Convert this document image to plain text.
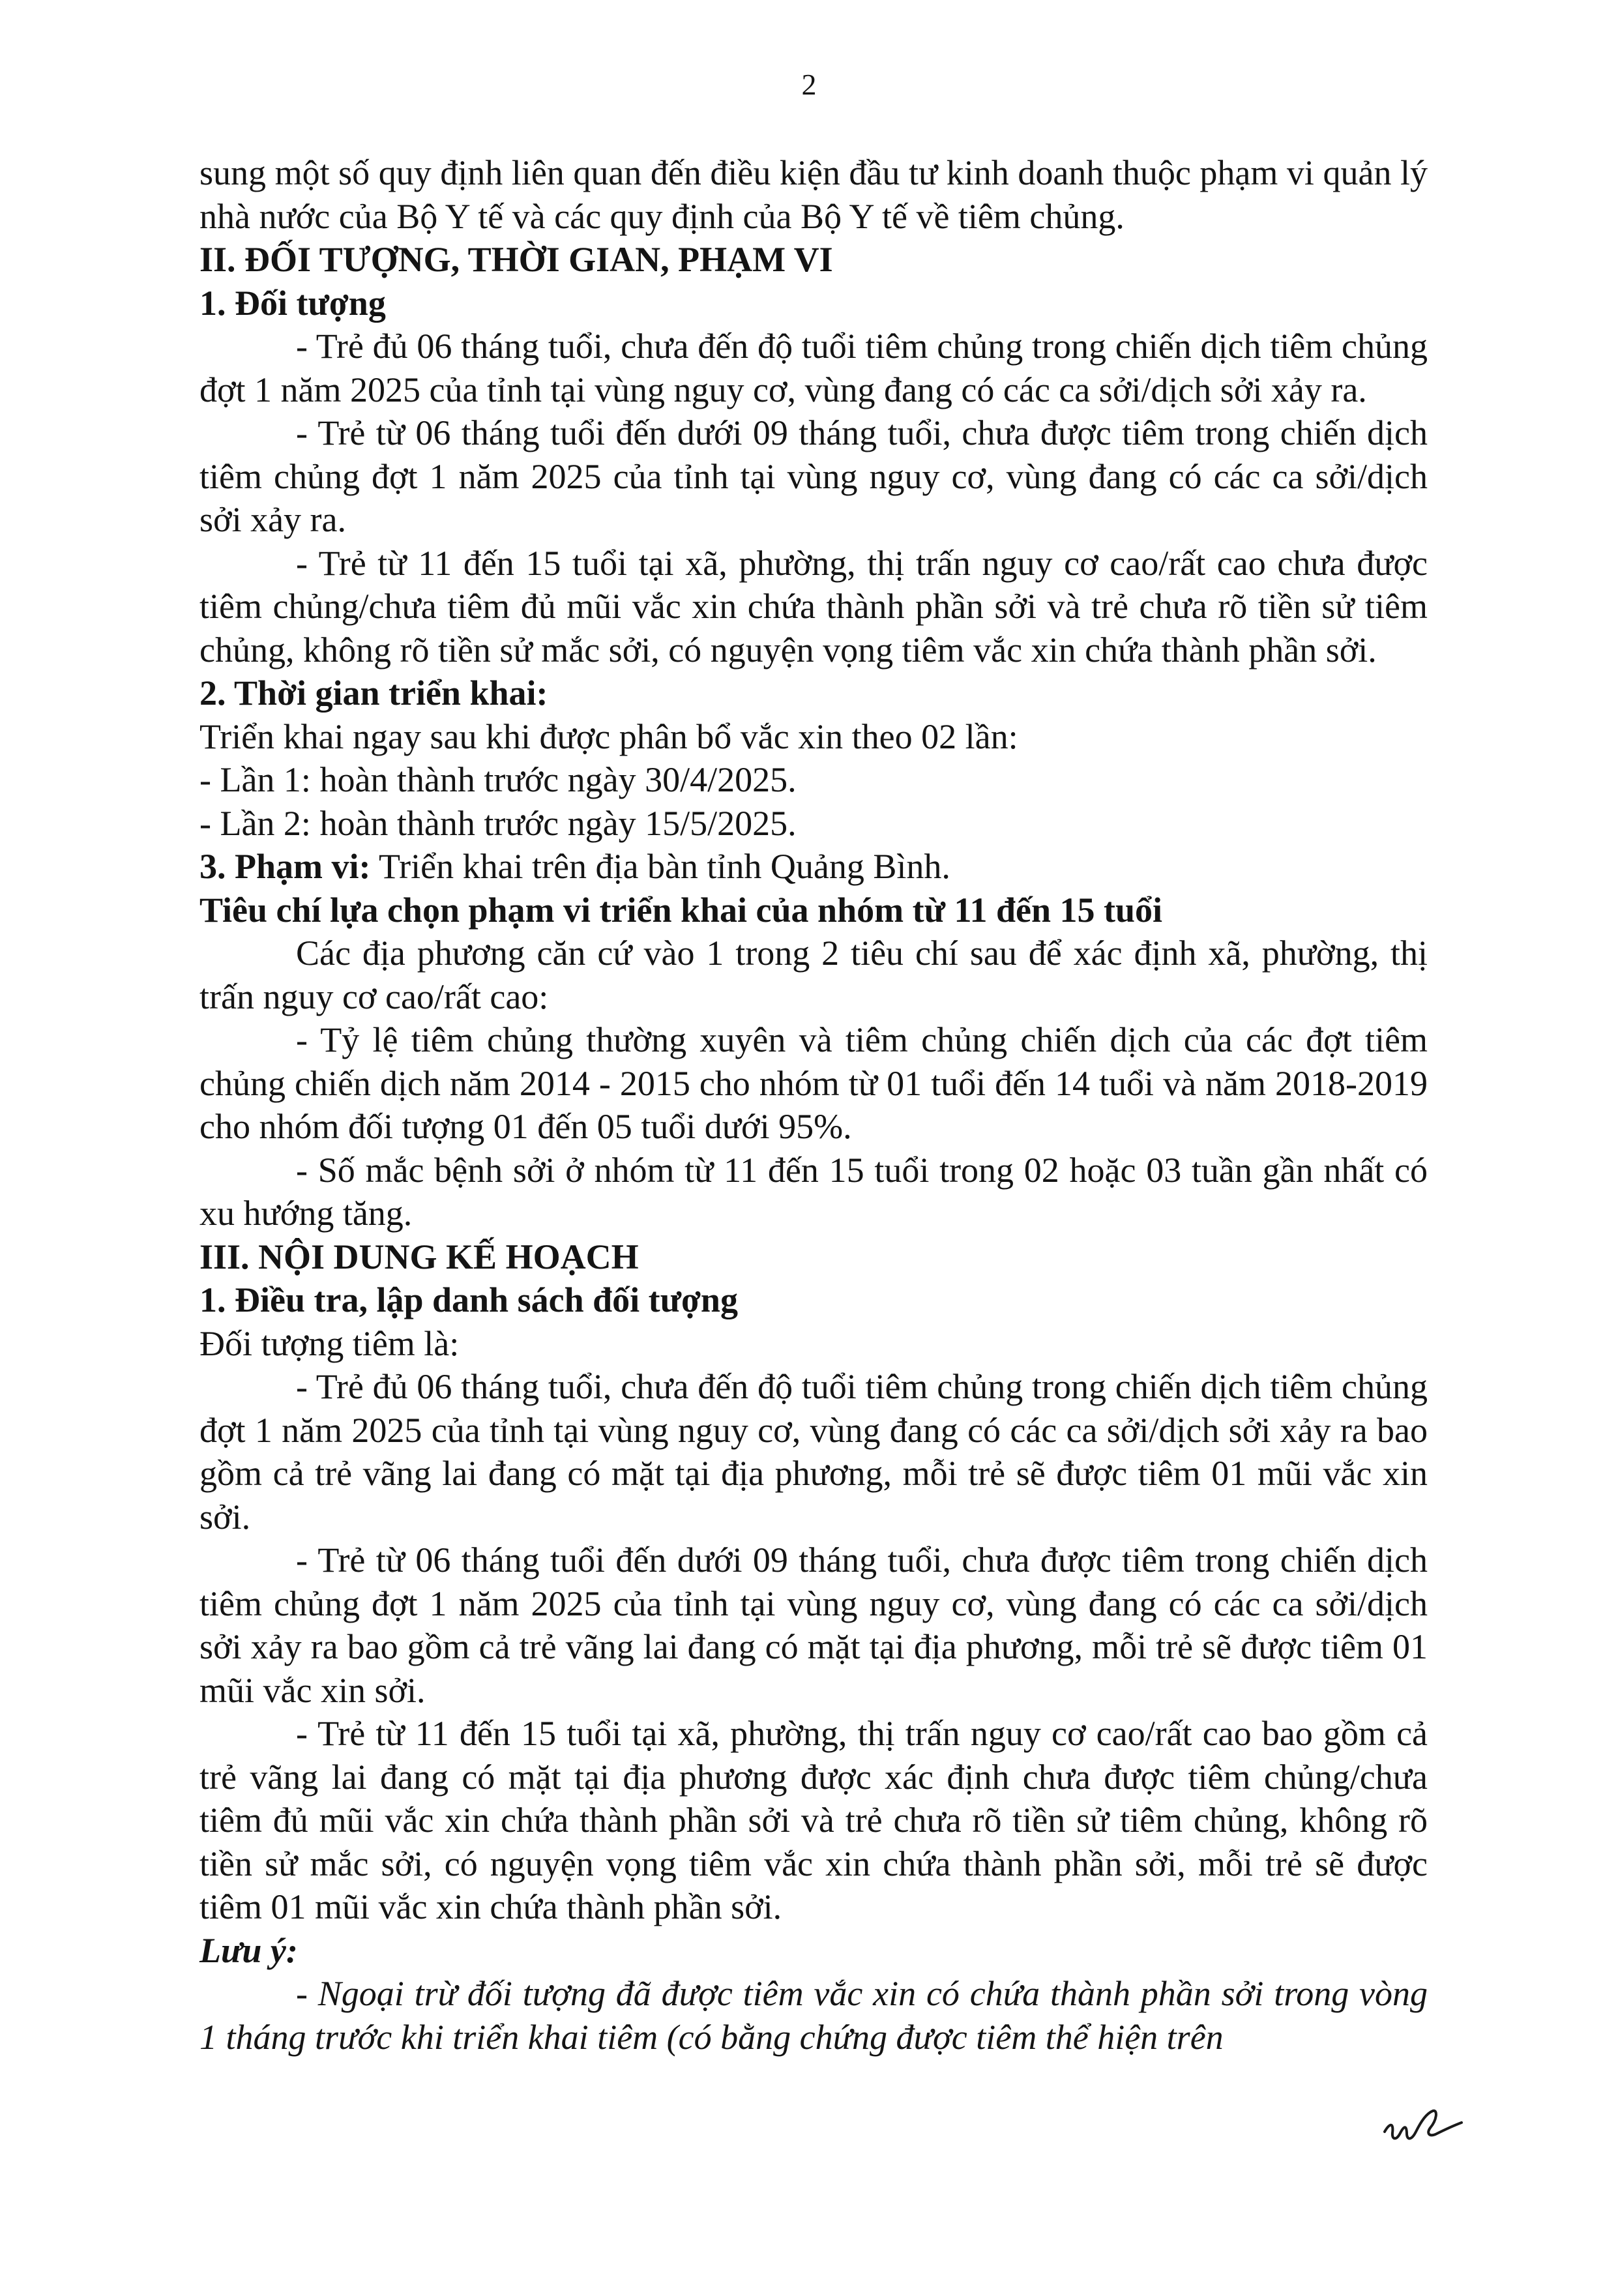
2

sung một số quy định liên quan đến điều kiện đầu tư kinh doanh thuộc phạm vi quản lý nhà nước của Bộ Y tế và các quy định của Bộ Y tế về tiêm chủng.

II. ĐỐI TƯỢNG, THỜI GIAN, PHẠM VI

1. Đối tượng

- Trẻ đủ 06 tháng tuổi, chưa đến độ tuổi tiêm chủng trong chiến dịch tiêm chủng đợt 1 năm 2025 của tỉnh tại vùng nguy cơ, vùng đang có các ca sởi/dịch sởi xảy ra.

- Trẻ từ 06 tháng tuổi đến dưới 09 tháng tuổi, chưa được tiêm trong chiến dịch tiêm chủng đợt 1 năm 2025 của tỉnh tại vùng nguy cơ, vùng đang có các ca sởi/dịch sởi xảy ra.

- Trẻ từ 11 đến 15 tuổi tại xã, phường, thị trấn nguy cơ cao/rất cao chưa được tiêm chủng/chưa tiêm đủ mũi vắc xin chứa thành phần sởi và trẻ chưa rõ tiền sử tiêm chủng, không rõ tiền sử mắc sởi, có nguyện vọng tiêm vắc xin chứa thành phần sởi.

2. Thời gian triển khai:

Triển khai ngay sau khi được phân bổ vắc xin theo 02 lần:

- Lần 1: hoàn thành trước ngày 30/4/2025.

- Lần 2: hoàn thành trước ngày 15/5/2025.

3. Phạm vi: Triển khai trên địa bàn tỉnh Quảng Bình.

Tiêu chí lựa chọn phạm vi triển khai của nhóm từ 11 đến 15 tuổi

Các địa phương căn cứ vào 1 trong 2 tiêu chí sau để xác định xã, phường, thị trấn nguy cơ cao/rất cao:

- Tỷ lệ tiêm chủng thường xuyên và tiêm chủng chiến dịch của các đợt tiêm chủng chiến dịch năm 2014 - 2015 cho nhóm từ 01 tuổi đến 14 tuổi và năm 2018-2019 cho nhóm đối tượng 01 đến 05 tuổi dưới 95%.

- Số mắc bệnh sởi ở nhóm từ 11 đến 15 tuổi trong 02 hoặc 03 tuần gần nhất có xu hướng tăng.

III. NỘI DUNG KẾ HOẠCH

1. Điều tra, lập danh sách đối tượng

Đối tượng tiêm là:

- Trẻ đủ 06 tháng tuổi, chưa đến độ tuổi tiêm chủng trong chiến dịch tiêm chủng đợt 1 năm 2025 của tỉnh tại vùng nguy cơ, vùng đang có các ca sởi/dịch sởi xảy ra bao gồm cả trẻ vãng lai đang có mặt tại địa phương, mỗi trẻ sẽ được tiêm 01 mũi vắc xin sởi.

- Trẻ từ 06 tháng tuổi đến dưới 09 tháng tuổi, chưa được tiêm trong chiến dịch tiêm chủng đợt 1 năm 2025 của tỉnh tại vùng nguy cơ, vùng đang có các ca sởi/dịch sởi xảy ra bao gồm cả trẻ vãng lai đang có mặt tại địa phương, mỗi trẻ sẽ được tiêm 01 mũi vắc xin sởi.

- Trẻ từ 11 đến 15 tuổi tại xã, phường, thị trấn nguy cơ cao/rất cao bao gồm cả trẻ vãng lai đang có mặt tại địa phương được xác định chưa được tiêm chủng/chưa tiêm đủ mũi vắc xin chứa thành phần sởi và trẻ chưa rõ tiền sử tiêm chủng, không rõ tiền sử mắc sởi, có nguyện vọng tiêm vắc xin chứa thành phần sởi, mỗi trẻ sẽ được tiêm 01 mũi vắc xin chứa thành phần sởi.

Lưu ý:

- Ngoại trừ đối tượng đã được tiêm vắc xin có chứa thành phần sởi trong vòng 1 tháng trước khi triển khai tiêm (có bằng chứng được tiêm thể hiện trên
